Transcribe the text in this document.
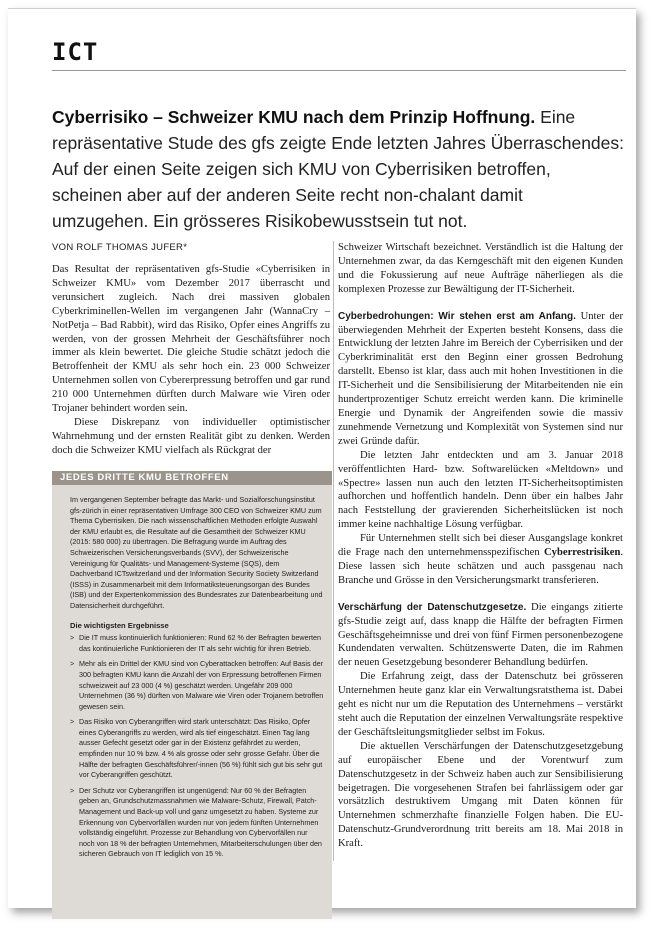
ICT
Cyberrisiko – Schweizer KMU nach dem Prinzip Hoffnung. Eine repräsentative Stude des gfs zeigte Ende letzten Jahres Überraschendes: Auf der einen Seite zeigen sich KMU von Cyberrisiken betroffen, scheinen aber auf der anderen Seite recht non-chalant damit umzugehen. Ein grösseres Risikobewusstsein tut not.
VON ROLF THOMAS JUFER*

Das Resultat der repräsentativen gfs-Studie «Cyberrisiken in Schweizer KMU» vom Dezember 2017 überrascht und verunsichert zugleich. Nach drei massiven globalen Cyberkriminellen-Wellen im vergangenen Jahr (WannaCry – NotPetja – Bad Rabbit), wird das Risiko, Opfer eines Angriffs zu werden, von der grossen Mehrheit der Geschäftsführer noch immer als klein bewertet. Die gleiche Studie schätzt jedoch die Betroffenheit der KMU als sehr hoch ein. 23 000 Schweizer Unternehmen sollen von Cybererpressung betroffen und gar rund 210 000 Unternehmen dürften durch Malware wie Viren oder Trojaner behindert worden sein.

Diese Diskrepanz von individueller optimistischer Wahrnehmung und der ernsten Realität gibt zu denken. Werden doch die Schweizer KMU vielfach als Rückgrat der

JEDES DRITTE KMU BETROFFEN

Im vergangenen September befragte das Markt- und Sozialforschungsinstitut gfs-zürich in einer repräsentativen Umfrage 300 CEO von Schweizer KMU zum Thema Cyberrisiken. Die nach wissenschaftlichen Methoden erfolgte Auswahl der KMU erlaubt es, die Resultate auf die Gesamtheit der Schweizer KMU (2015: 580 000) zu übertragen. Die Befragung wurde im Auftrag des Schweizerischen Versicherungsverbands (SVV), der Schweizerische Vereinigung für Qualitäts- und Management-Systeme (SQS), dem Dachverband ICTswitzerland und der Information Security Society Switzerland (ISSS) in Zusammenarbeit mit dem Informatiksteuerungsorgan des Bundes (ISB) und der Expertenkommission des Bundesrates zur Datenbearbeitung und Datensicherheit durchgeführt.

Die wichtigsten Ergebnisse

> Die IT muss kontinuierlich funktionieren: Rund 62 % der Befragten bewerten das kontinuierliche Funktionieren der IT als sehr wichtig für ihren Betrieb.
> Mehr als ein Drittel der KMU sind von Cyberattacken betroffen: Auf Basis der 300 befragten KMU kann die Anzahl der von Erpressung betroffenen Firmen schweizweit auf 23 000 (4 %) geschätzt werden. Ungefähr 209 000 Unternehmen (36 %) dürften von Malware wie Viren oder Trojanern betroffen gewesen sein.
> Das Risiko von Cyberangriffen wird stark unterschätzt: Das Risiko, Opfer eines Cyberangriffs zu werden, wird als tief eingeschätzt. Einen Tag lang ausser Gefecht gesetzt oder gar in der Existenz gefährdet zu werden, empfinden nur 10 % bzw. 4 % als grosse oder sehr grosse Gefahr. Über die Hälfte der befragten Geschäftsführer/-innen (56 %) fühlt sich gut bis sehr gut vor Cyberangriffen geschützt.
> Der Schutz vor Cyberangriffen ist ungenügend: Nur 60 % der Befragten geben an, Grundschutzmassnahmen wie Malware-Schutz, Firewall, Patch-Management und Back-up voll und ganz umgesetzt zu haben. Systeme zur Erkennung von Cybervorfällen wurden nur von jedem fünften Unternehmen vollständig eingeführt. Prozesse zur Behandlung von Cybervorfällen nur noch von 18 % der befragten Unternehmen, Mitarbeiterschulungen über den sicheren Gebrauch von IT lediglich von 15 %.

Schweizer Wirtschaft bezeichnet. Verständlich ist die Haltung der Unternehmen zwar, da das Kerngeschäft mit den eigenen Kunden und die Fokussierung auf neue Aufträge näherliegen als die komplexen Prozesse zur Bewältigung der IT-Sicherheit.

Cyberbedrohungen: Wir stehen erst am Anfang. Unter der überwiegenden Mehrheit der Experten besteht Konsens, dass die Entwicklung der letzten Jahre im Bereich der Cyberrisiken und der Cyberkriminalität erst den Beginn einer grossen Bedrohung darstellt. Ebenso ist klar, dass auch mit hohen Investitionen in die IT-Sicherheit und die Sensibilisierung der Mitarbeitenden nie ein hundertprozentiger Schutz erreicht werden kann. Die kriminelle Energie und Dynamik der Angreifenden sowie die massiv zunehmende Vernetzung und Komplexität von Systemen sind nur zwei Gründe dafür.

Die letzten Jahr entdeckten und am 3. Januar 2018 veröffentlichten Hard- bzw. Softwarelücken «Meltdown» und «Spectre» lassen nun auch den letzten IT-Sicherheitsoptimisten aufhorchen und hoffentlich handeln. Denn über ein halbes Jahr nach Feststellung der gravierenden Sicherheitslücken ist noch immer keine nachhaltige Lösung verfügbar.

Für Unternehmen stellt sich bei dieser Ausgangslage konkret die Frage nach den unternehmensspezifischen Cyberrestrisiken. Diese lassen sich heute schätzen und auch passgenau nach Branche und Grösse in den Versicherungsmarkt transferieren.

Verschärfung der Datenschutzgesetze. Die eingangs zitierte gfs-Studie zeigt auf, dass knapp die Hälfte der befragten Firmen Geschäftsgeheimnisse und drei von fünf Firmen personenbezogene Kundendaten verwalten. Schützenswerte Daten, die im Rahmen der neuen Gesetzgebung besonderer Behandlung bedürfen.

Die Erfahrung zeigt, dass der Datenschutz bei grösseren Unternehmen heute ganz klar ein Verwaltungsratsthema ist. Dabei geht es nicht nur um die Reputation des Unternehmens – verstärkt steht auch die Reputation der einzelnen Verwaltungsräte respektive der Geschäftsleitungsmitglieder selbst im Fokus.

Die aktuellen Verschärfungen der Datenschutzgesetzgebung auf europäischer Ebene und der Vorentwurf zum Datenschutzgesetz in der Schweiz haben auch zur Sensibilisierung beigetragen. Die vorgesehenen Strafen bei fahrlässigem oder gar vorsätzlich destruktivem Umgang mit Daten können für Unternehmen schmerzhafte finanzielle Folgen haben. Die EU-Datenschutz-Grundverordnung tritt bereits am 18. Mai 2018 in Kraft.
